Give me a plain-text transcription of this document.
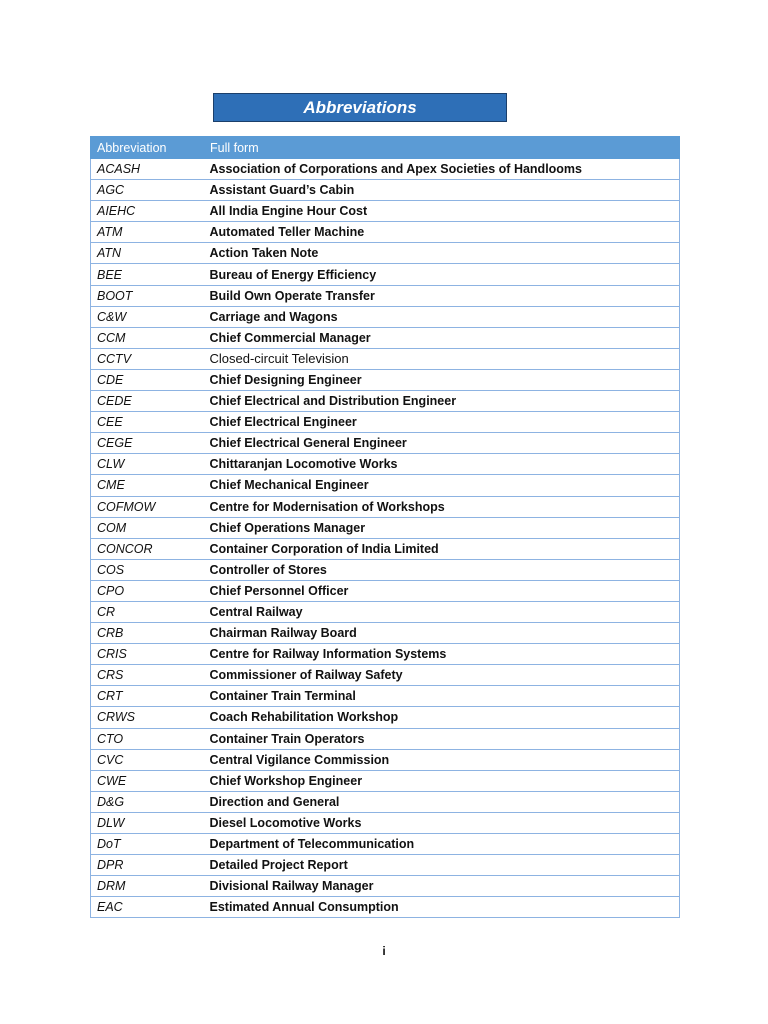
Abbreviations
Abbreviation	Full form
ACASH	Association of Corporations and Apex Societies of Handlooms
AGC	Assistant Guard’s Cabin
AIEHC	All India Engine Hour Cost
ATM	Automated Teller Machine
ATN	Action Taken Note
BEE	Bureau of Energy Efficiency
BOOT	Build Own Operate Transfer
C&W	Carriage and Wagons
CCM	Chief Commercial Manager
CCTV	Closed-circuit Television
CDE	Chief Designing Engineer
CEDE	Chief Electrical and Distribution Engineer
CEE	Chief Electrical Engineer
CEGE	Chief Electrical General Engineer
CLW	Chittaranjan Locomotive Works
CME	Chief Mechanical Engineer
COFMOW	Centre for Modernisation of Workshops
COM	Chief Operations Manager
CONCOR	Container Corporation of India Limited
COS	Controller of Stores
CPO	Chief Personnel Officer
CR	Central Railway
CRB	Chairman Railway Board
CRIS	Centre for Railway Information Systems
CRS	Commissioner of Railway Safety
CRT	Container Train Terminal
CRWS	Coach Rehabilitation Workshop
CTO	Container Train Operators
CVC	Central Vigilance Commission
CWE	Chief Workshop Engineer
D&G	Direction and General
DLW	Diesel Locomotive Works
DoT	Department of Telecommunication
DPR	Detailed Project Report
DRM	Divisional Railway Manager
EAC	Estimated Annual Consumption
i
